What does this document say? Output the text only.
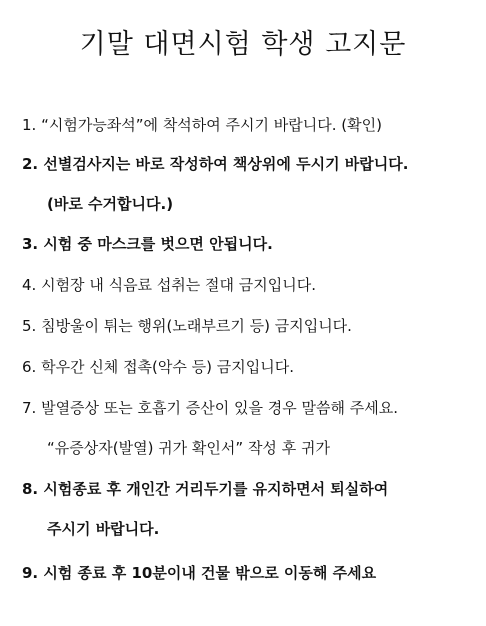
기말 대면시험 학생 고지문
1. “시험가능좌석”에 착석하여 주시기 바랍니다. (확인)
2. 선별검사지는 바로 작성하여 책상위에 두시기 바랍니다.
(바로 수거합니다.)
3. 시험 중 마스크를 벗으면 안됩니다.
4. 시험장 내 식음료 섭취는 절대 금지입니다.
5. 침방울이 튀는 행위(노래부르기 등) 금지입니다.
6. 학우간 신체 접촉(악수 등) 금지입니다.
7. 발열증상 또는 호흡기 증산이 있을 경우 말씀해 주세요.
“유증상자(발열) 귀가 확인서” 작성 후 귀가
8. 시험종료 후 개인간 거리두기를 유지하면서 퇴실하여
주시기 바랍니다.
9. 시험 종료 후 10분이내 건물 밖으로 이동해 주세요
